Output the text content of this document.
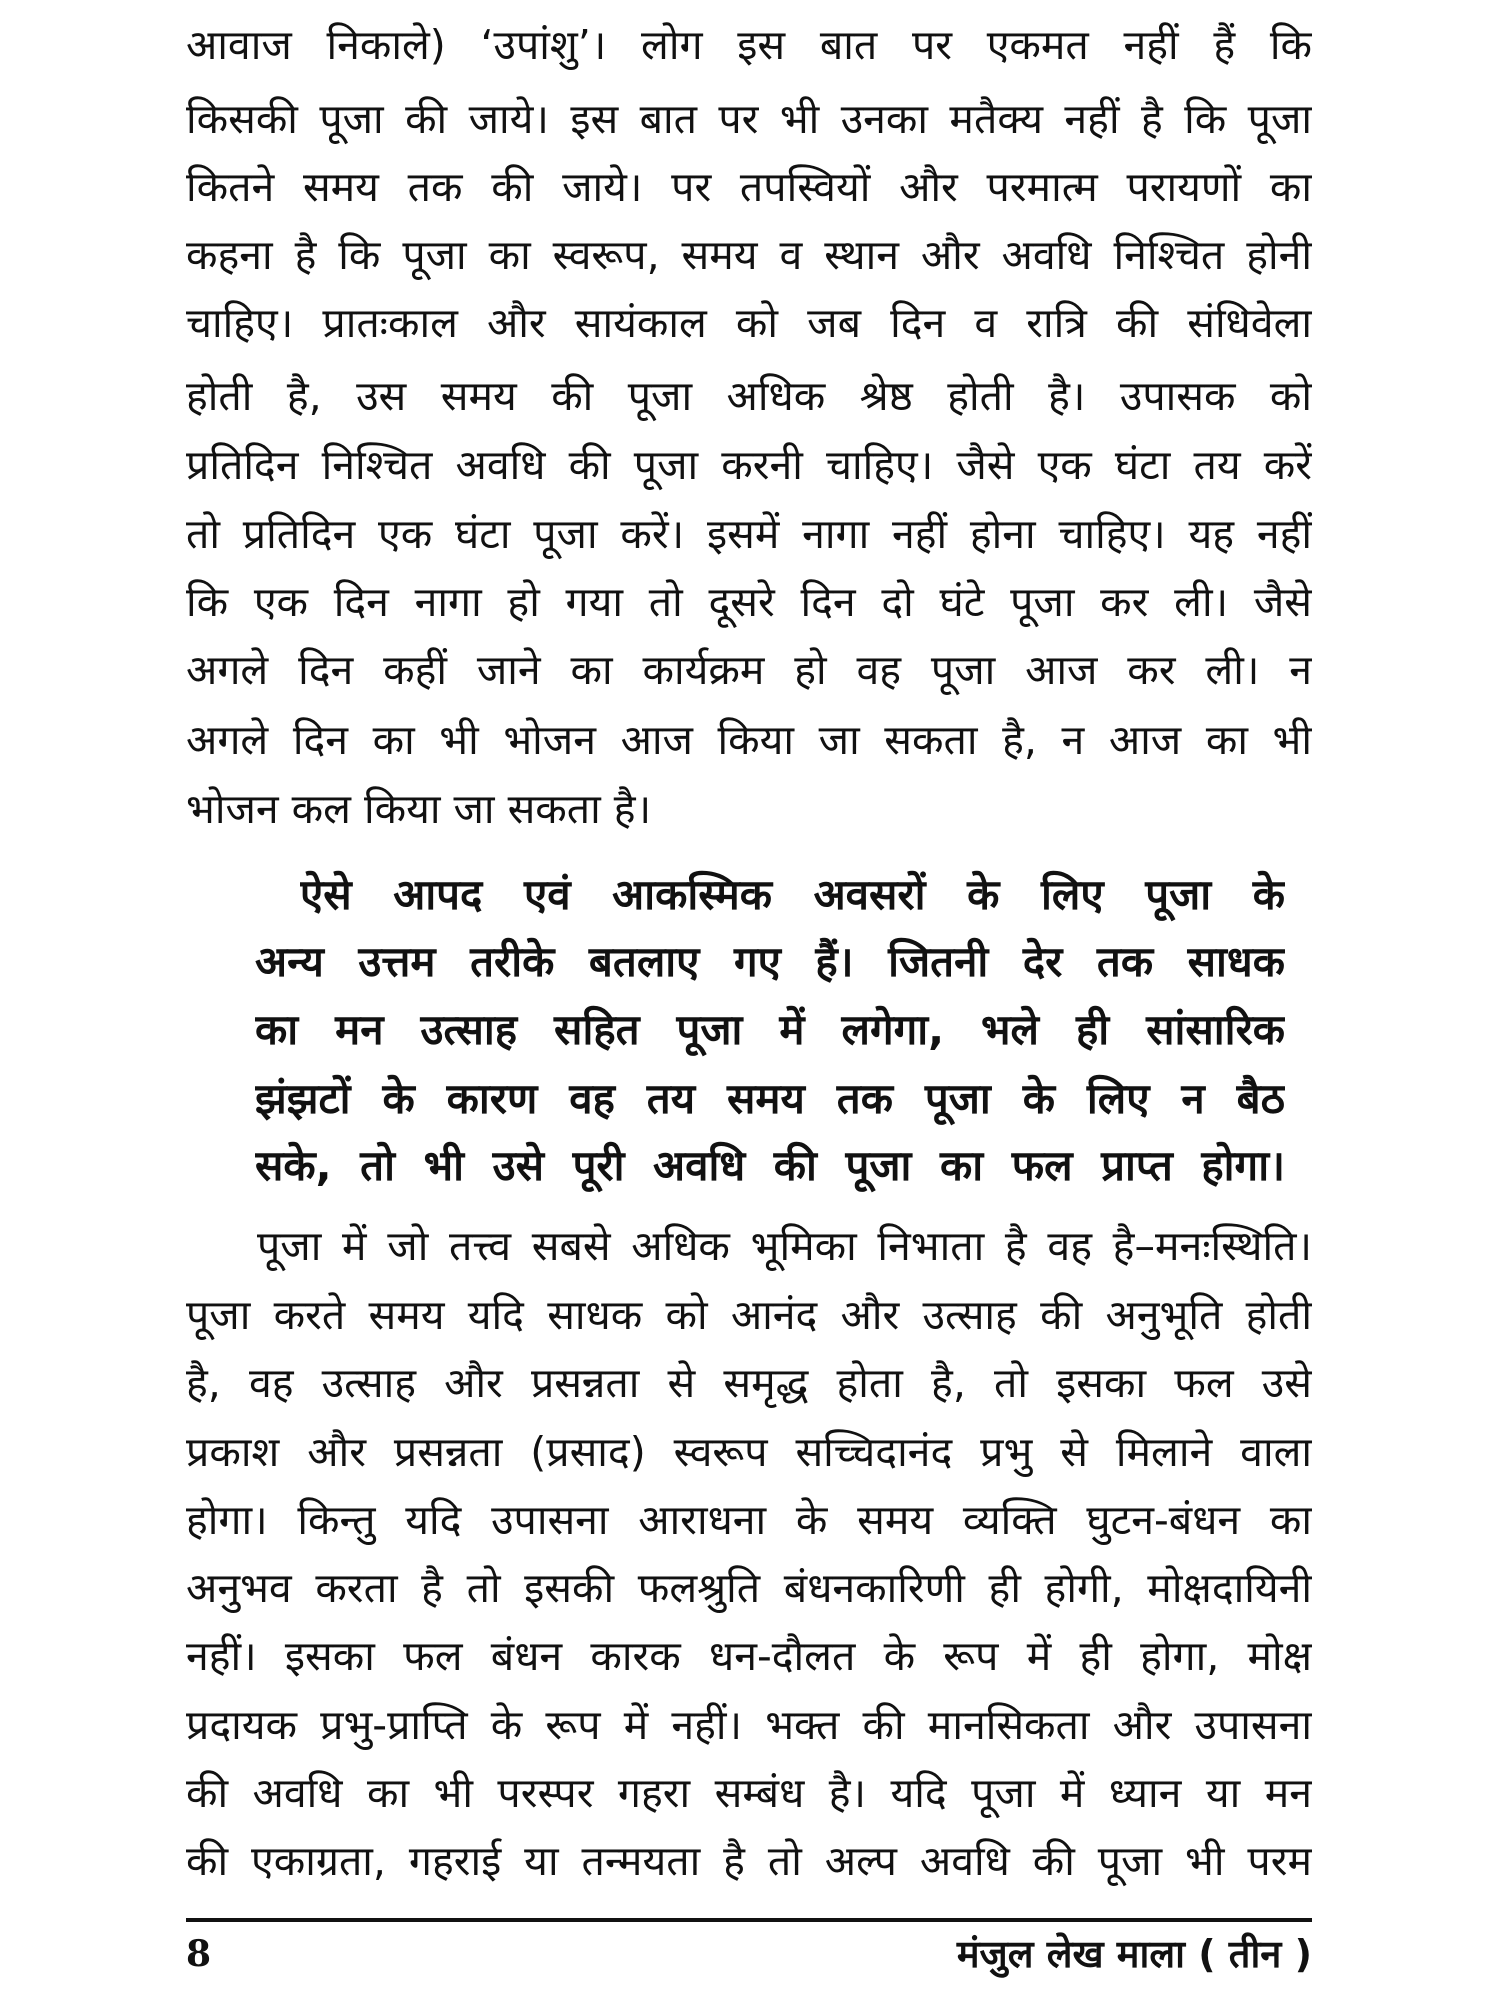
आवाज निकाले) ‘उपांशु’। लोग इस बात पर एकमत नहीं हैं कि
किसकी पूजा की जाये। इस बात पर भी उनका मतैक्य नहीं है कि पूजा
कितने समय तक की जाये। पर तपस्वियों और परमात्म परायणों का
कहना है कि पूजा का स्वरूप, समय व स्थान और अवधि निश्चित होनी
चाहिए। प्रातःकाल और सायंकाल को जब दिन व रात्रि की संधिवेला
होती है, उस समय की पूजा अधिक श्रेष्ठ होती है। उपासक को
प्रतिदिन निश्चित अवधि की पूजा करनी चाहिए। जैसे एक घंटा तय करें
तो प्रतिदिन एक घंटा पूजा करें। इसमें नागा नहीं होना चाहिए। यह नहीं
कि एक दिन नागा हो गया तो दूसरे दिन दो घंटे पूजा कर ली। जैसे
अगले दिन कहीं जाने का कार्यक्रम हो वह पूजा आज कर ली। न
अगले दिन का भी भोजन आज किया जा सकता है, न आज का भी
भोजन कल किया जा सकता है।
ऐसे आपद एवं आकस्मिक अवसरों के लिए पूजा के
अन्य उत्तम तरीके बतलाए गए हैं। जितनी देर तक साधक
का मन उत्साह सहित पूजा में लगेगा, भले ही सांसारिक
झंझटों के कारण वह तय समय तक पूजा के लिए न बैठ
सके, तो भी उसे पूरी अवधि की पूजा का फल प्राप्त होगा।
पूजा में जो तत्त्व सबसे अधिक भूमिका निभाता है वह है–मनःस्थिति।
पूजा करते समय यदि साधक को आनंद और उत्साह की अनुभूति होती
है, वह उत्साह और प्रसन्नता से समृद्ध होता है, तो इसका फल उसे
प्रकाश और प्रसन्नता (प्रसाद) स्वरूप सच्चिदानंद प्रभु से मिलाने वाला
होगा। किन्तु यदि उपासना आराधना के समय व्यक्ति घुटन-बंधन का
अनुभव करता है तो इसकी फलश्रुति बंधनकारिणी ही होगी, मोक्षदायिनी
नहीं। इसका फल बंधन कारक धन-दौलत के रूप में ही होगा, मोक्ष
प्रदायक प्रभु-प्राप्ति के रूप में नहीं। भक्त की मानसिकता और उपासना
की अवधि का भी परस्पर गहरा सम्बंध है। यदि पूजा में ध्यान या मन
की एकाग्रता, गहराई या तन्मयता है तो अल्प अवधि की पूजा भी परम
8	मंजुल लेख माला ( तीन )
